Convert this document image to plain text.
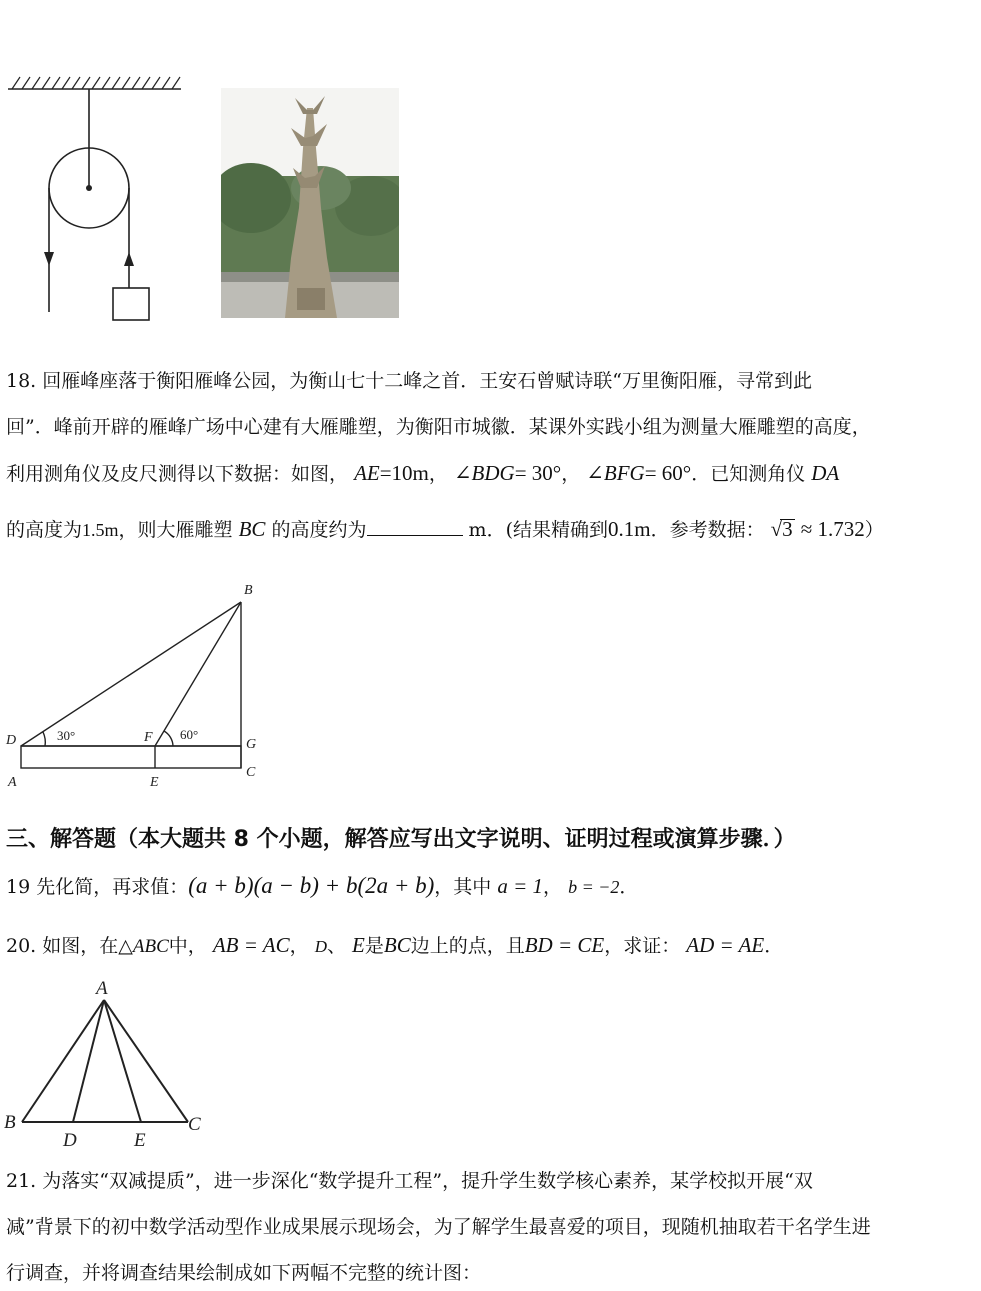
18. 回雁峰座落于衡阳雁峰公园，为衡山七十二峰之首．王安石曾赋诗联“万里衡阳雁，寻常到此
回”．峰前开辟的雁峰广场中心建有大雁雕塑，为衡阳市城徽．某课外实践小组为测量大雁雕塑的高度，
利用测角仪及皮尺测得以下数据：如图， AE=10m， ∠BDG= 30°， ∠BFG= 60°．已知测角仪 DA
的高度为1.5m，则大雁雕塑 BC 的高度约为	m．(结果精确到0.1m．参考数据： √3 ≈ 1.732）
B
D	F	G
A	E
C
30°	60°
三、解答题（本大题共 8 个小题，解答应写出文字说明、证明过程或演算步骤．）
19 先化简，再求值：(a + b)(a − b) + b(2a + b)，其中 a = 1， b = −2．
20. 如图，在△ABC中， AB = AC， D、 E是BC边上的点，且BD = CE，求证： AD = AE．
A
B
D	E
C
21. 为落实“双减提质”，进一步深化“数学提升工程”，提升学生数学核心素养，某学校拟开展“双
减”背景下的初中数学活动型作业成果展示现场会，为了解学生最喜爱的项目，现随机抽取若干名学生进
行调查，并将调查结果绘制成如下两幅不完整的统计图：
